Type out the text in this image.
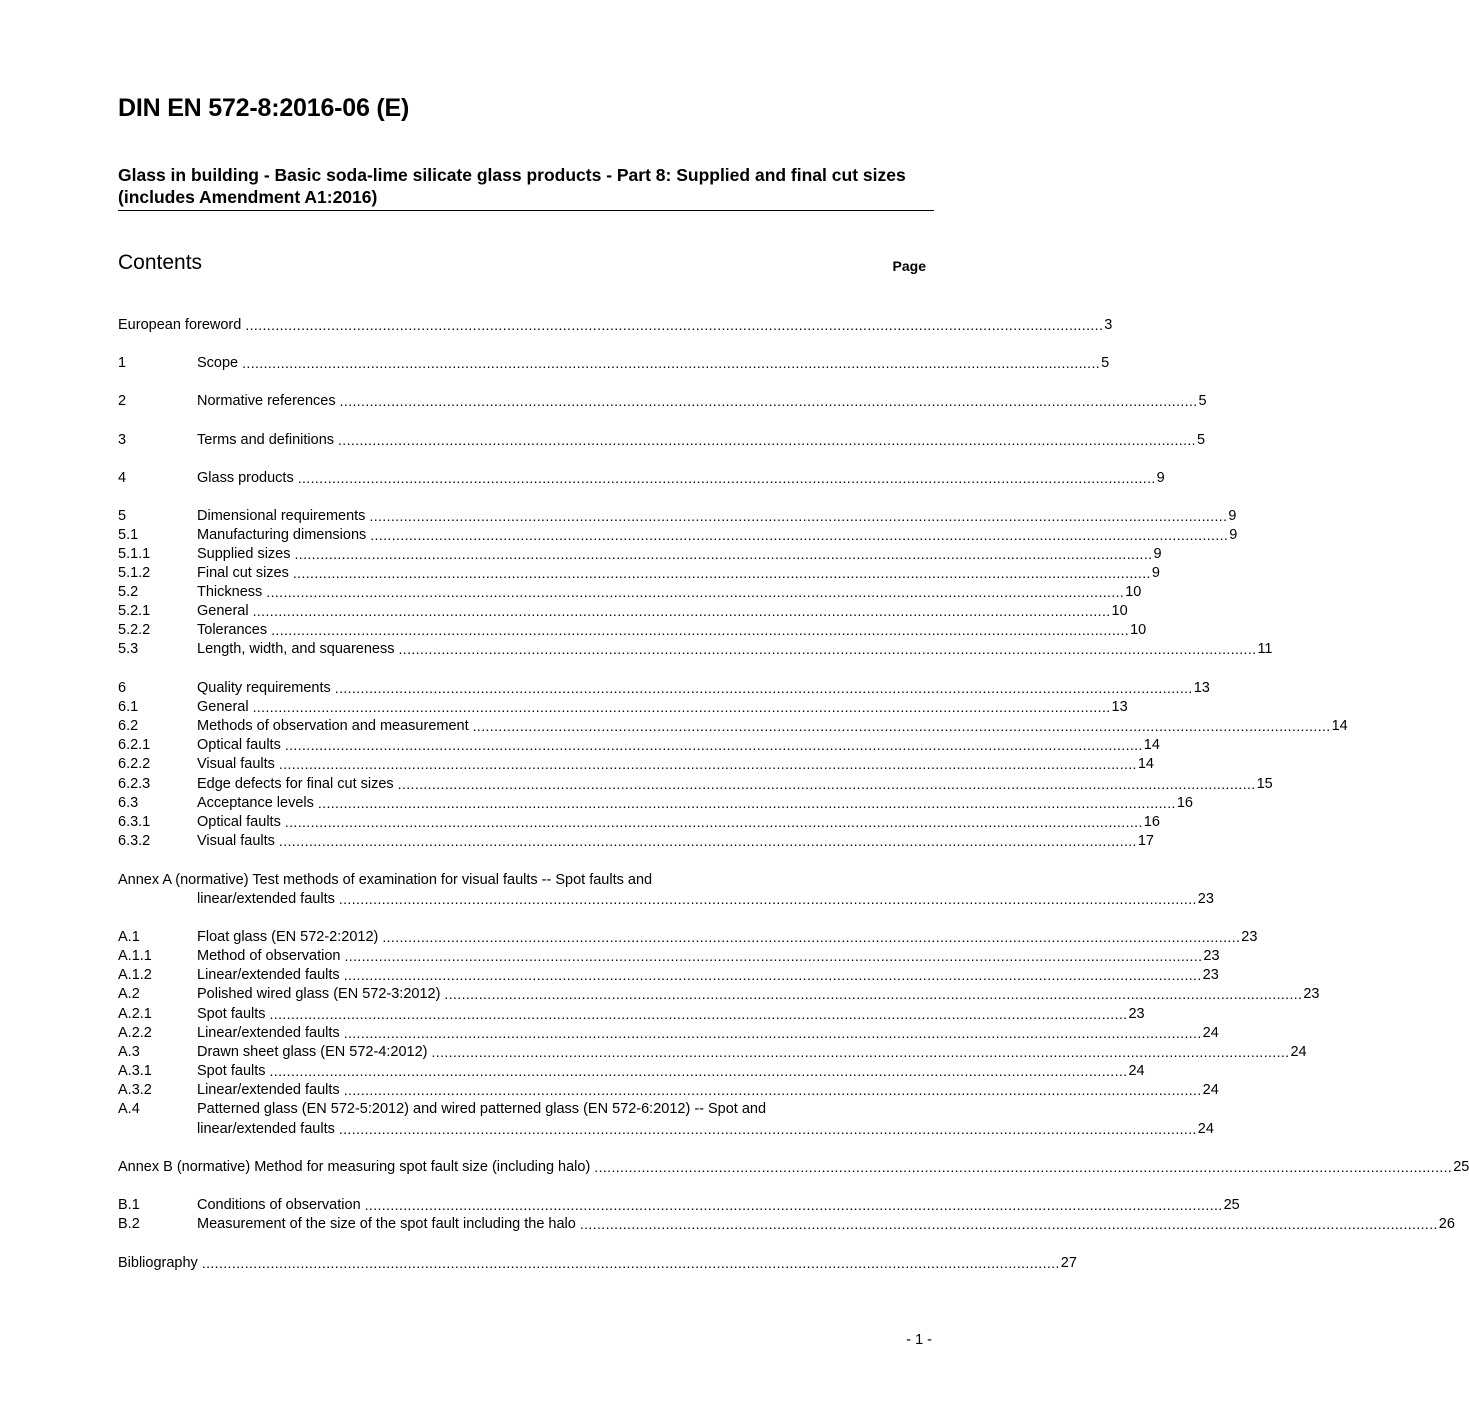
DIN EN 572-8:2016-06 (E)
Glass in building - Basic soda-lime silicate glass products - Part 8: Supplied and final cut sizes (includes Amendment A1:2016)
Contents	Page
European foreword ........................................................................................................................................................................................................ 3
1	Scope ........................................................................................................................................................................................................ 5
2	Normative references ........................................................................................................................................................................................................ 5
3	Terms and definitions ........................................................................................................................................................................................................ 5
4	Glass products ........................................................................................................................................................................................................ 9
5	Dimensional requirements ........................................................................................................................................................................................................ 9
5.1	Manufacturing dimensions ........................................................................................................................................................................................................ 9
5.1.1	Supplied sizes ........................................................................................................................................................................................................ 9
5.1.2	Final cut sizes ........................................................................................................................................................................................................ 9
5.2	Thickness ........................................................................................................................................................................................................ 10
5.2.1	General ........................................................................................................................................................................................................ 10
5.2.2	Tolerances ........................................................................................................................................................................................................ 10
5.3	Length, width, and squareness ........................................................................................................................................................................................................ 11
6	Quality requirements ........................................................................................................................................................................................................ 13
6.1	General ........................................................................................................................................................................................................ 13
6.2	Methods of observation and measurement ........................................................................................................................................................................................................ 14
6.2.1	Optical faults ........................................................................................................................................................................................................ 14
6.2.2	Visual faults ........................................................................................................................................................................................................ 14
6.2.3	Edge defects for final cut sizes ........................................................................................................................................................................................................ 15
6.3	Acceptance levels ........................................................................................................................................................................................................ 16
6.3.1	Optical faults ........................................................................................................................................................................................................ 16
6.3.2	Visual faults ........................................................................................................................................................................................................ 17
Annex A (normative) Test methods of examination for visual faults -- Spot faults and
linear/extended faults ........................................................................................................................................................................................................ 23
A.1	Float glass (EN 572-2:2012) ........................................................................................................................................................................................................ 23
A.1.1	Method of observation ........................................................................................................................................................................................................ 23
A.1.2	Linear/extended faults ........................................................................................................................................................................................................ 23
A.2	Polished wired glass (EN 572-3:2012) ........................................................................................................................................................................................................ 23
A.2.1	Spot faults ........................................................................................................................................................................................................ 23
A.2.2	Linear/extended faults ........................................................................................................................................................................................................ 24
A.3	Drawn sheet glass (EN 572-4:2012) ........................................................................................................................................................................................................ 24
A.3.1	Spot faults ........................................................................................................................................................................................................ 24
A.3.2	Linear/extended faults ........................................................................................................................................................................................................ 24
A.4	Patterned glass (EN 572-5:2012) and wired patterned glass (EN 572-6:2012) -- Spot and
linear/extended faults ........................................................................................................................................................................................................ 24
Annex B (normative) Method for measuring spot fault size (including halo) ........................................................................................................................................................................................................ 25
B.1	Conditions of observation ........................................................................................................................................................................................................ 25
B.2	Measurement of the size of the spot fault including the halo ........................................................................................................................................................................................................ 26
Bibliography ........................................................................................................................................................................................................ 27
- 1 -
